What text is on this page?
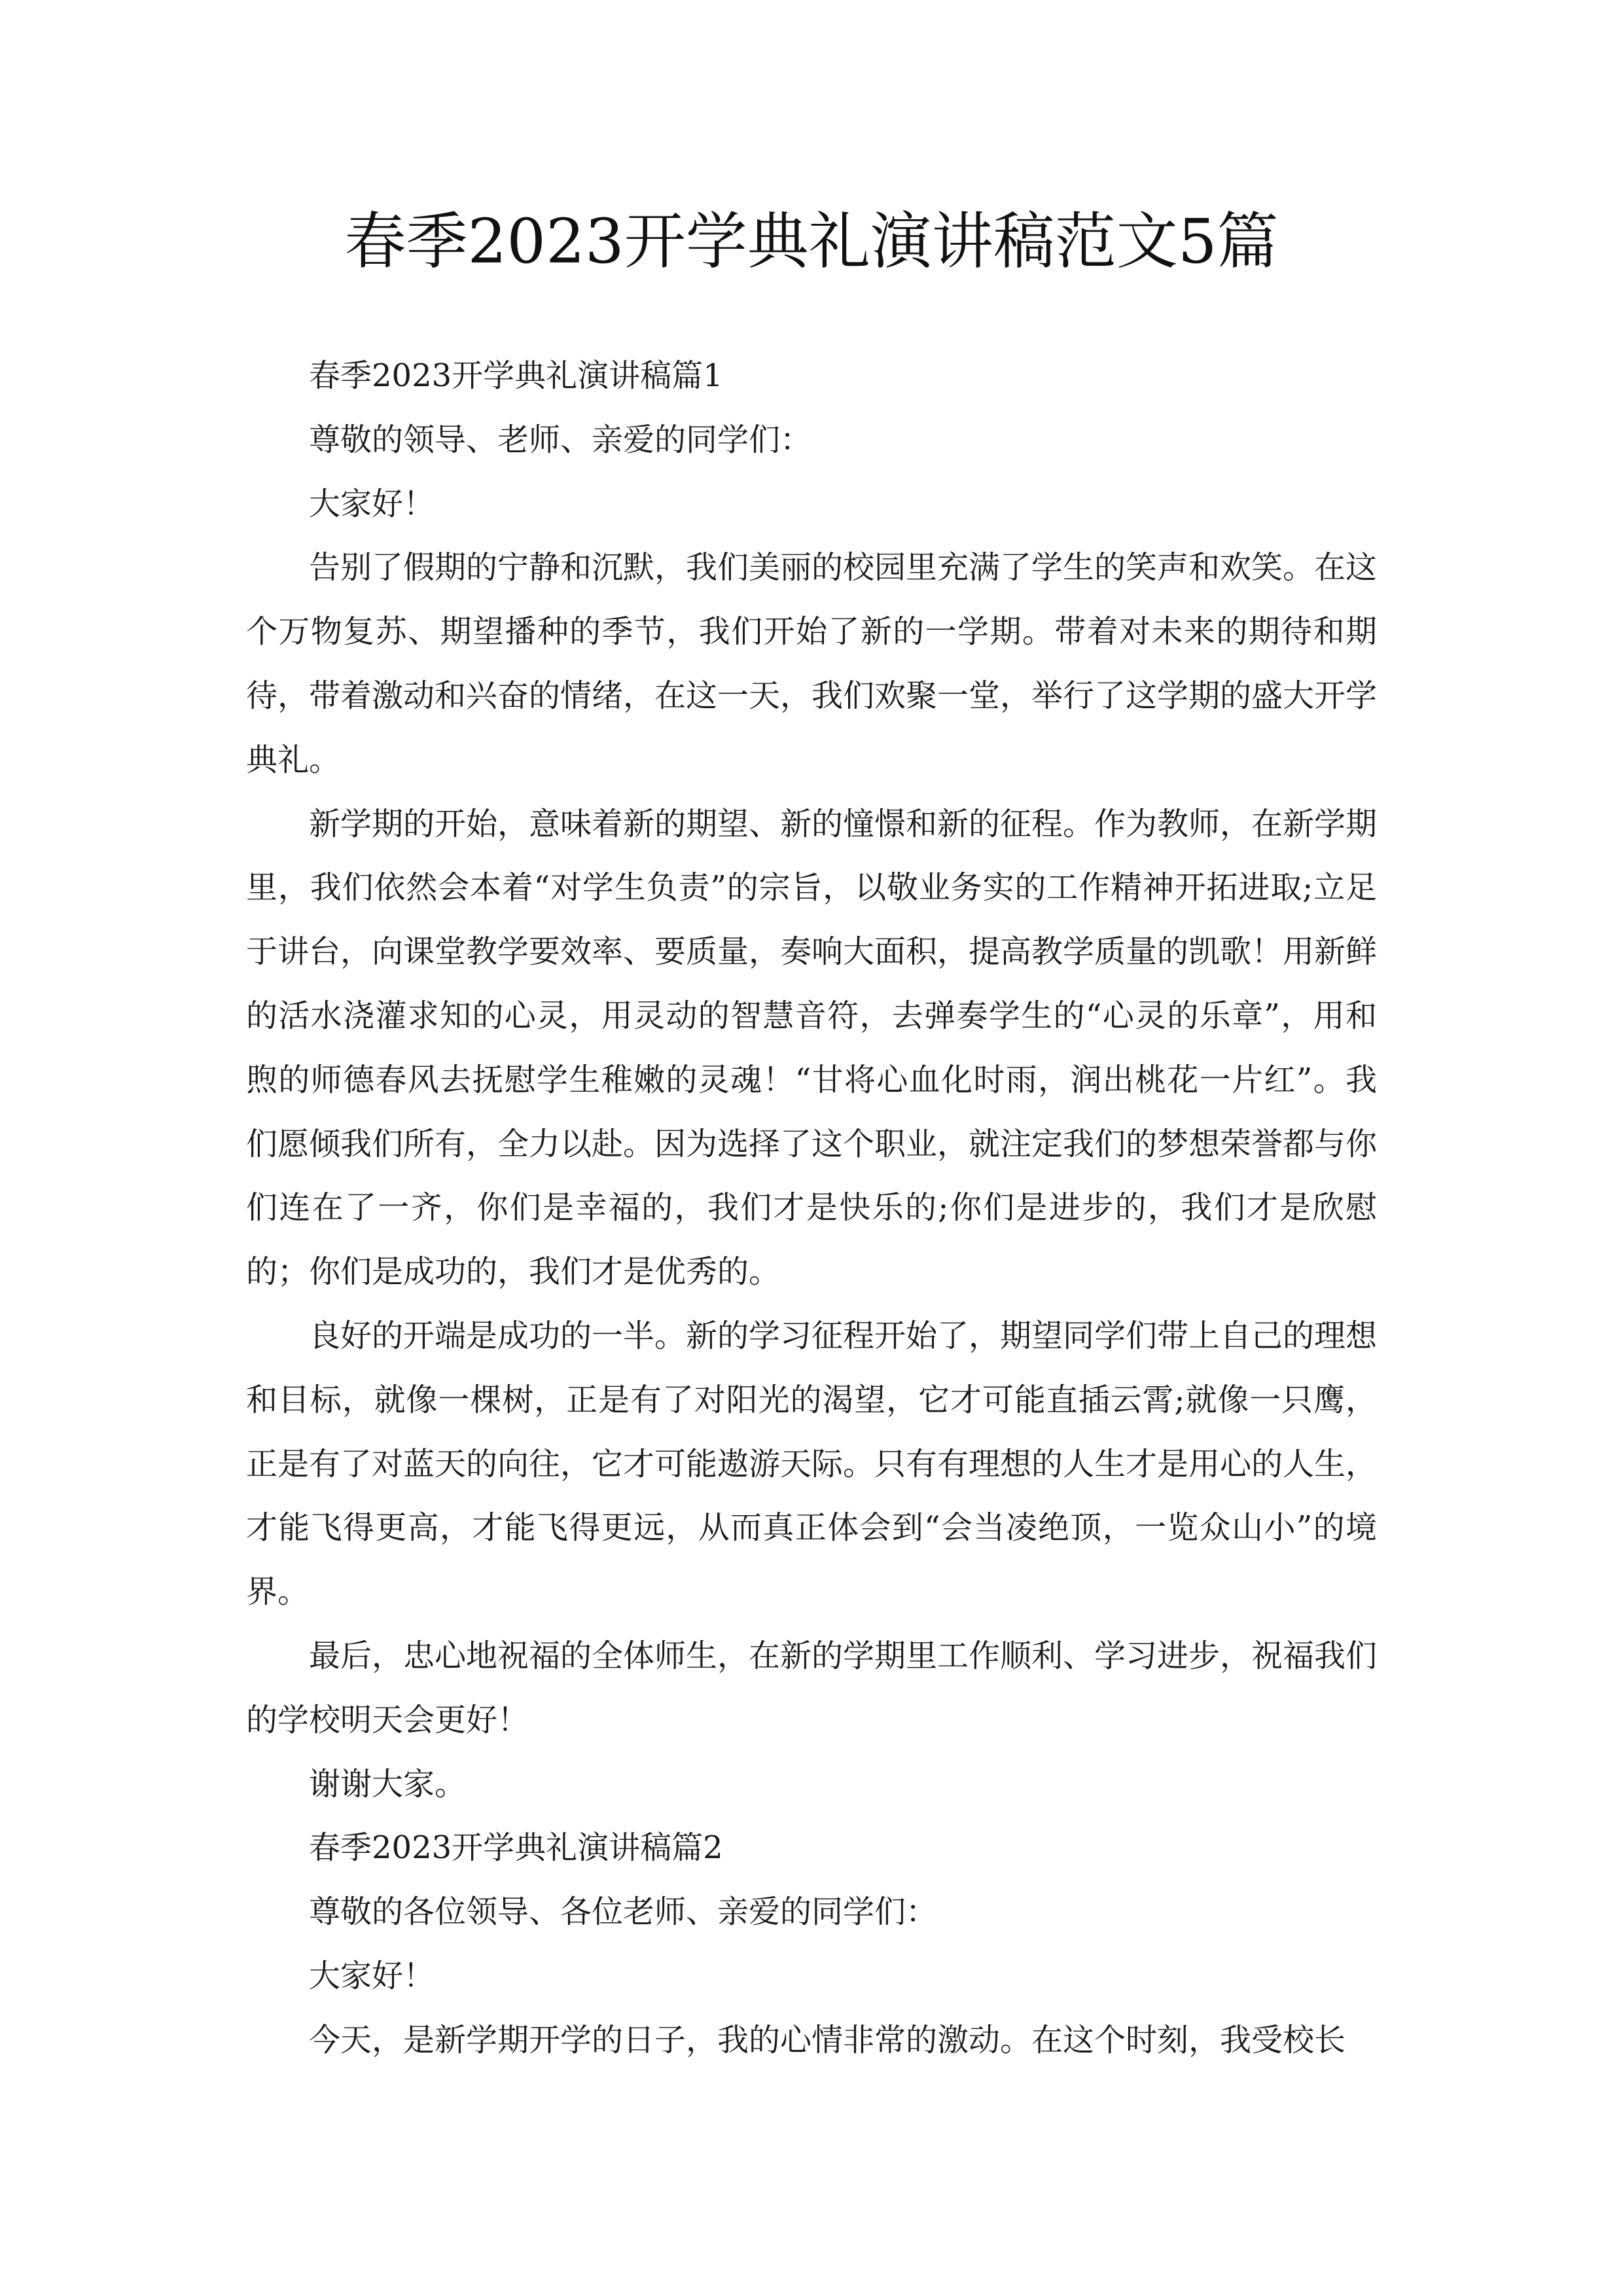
春季2023开学典礼演讲稿范文5篇

春季2023开学典礼演讲稿篇1

尊敬的领导、老师、亲爱的同学们：

大家好！

告别了假期的宁静和沉默，我们美丽的校园里充满了学生的笑声和欢笑。在这个万物复苏、期望播种的季节，我们开始了新的一学期。带着对未来的期待和期待，带着激动和兴奋的情绪，在这一天，我们欢聚一堂，举行了这学期的盛大开学典礼。

新学期的开始，意味着新的期望、新的憧憬和新的征程。作为教师，在新学期里，我们依然会本着“对学生负责”的宗旨，以敬业务实的工作精神开拓进取;立足于讲台，向课堂教学要效率、要质量，奏响大面积，提高教学质量的凯歌！用新鲜的活水浇灌求知的心灵，用灵动的智慧音符，去弹奏学生的“心灵的乐章”，用和煦的师德春风去抚慰学生稚嫩的灵魂！“甘将心血化时雨，润出桃花一片红”。我们愿倾我们所有，全力以赴。因为选择了这个职业，就注定我们的梦想荣誉都与你们连在了一齐，你们是幸福的，我们才是快乐的;你们是进步的，我们才是欣慰的；你们是成功的，我们才是优秀的。

良好的开端是成功的一半。新的学习征程开始了，期望同学们带上自己的理想和目标，就像一棵树，正是有了对阳光的渴望，它才可能直插云霄;就像一只鹰，正是有了对蓝天的向往，它才可能遨游天际。只有有理想的人生才是用心的人生，才能飞得更高，才能飞得更远，从而真正体会到“会当凌绝顶，一览众山小”的境界。

最后，忠心地祝福的全体师生，在新的学期里工作顺利、学习进步，祝福我们的学校明天会更好！

谢谢大家。

春季2023开学典礼演讲稿篇2

尊敬的各位领导、各位老师、亲爱的同学们：

大家好！

今天，是新学期开学的日子，我的心情非常的激动。在这个时刻，我受校长
